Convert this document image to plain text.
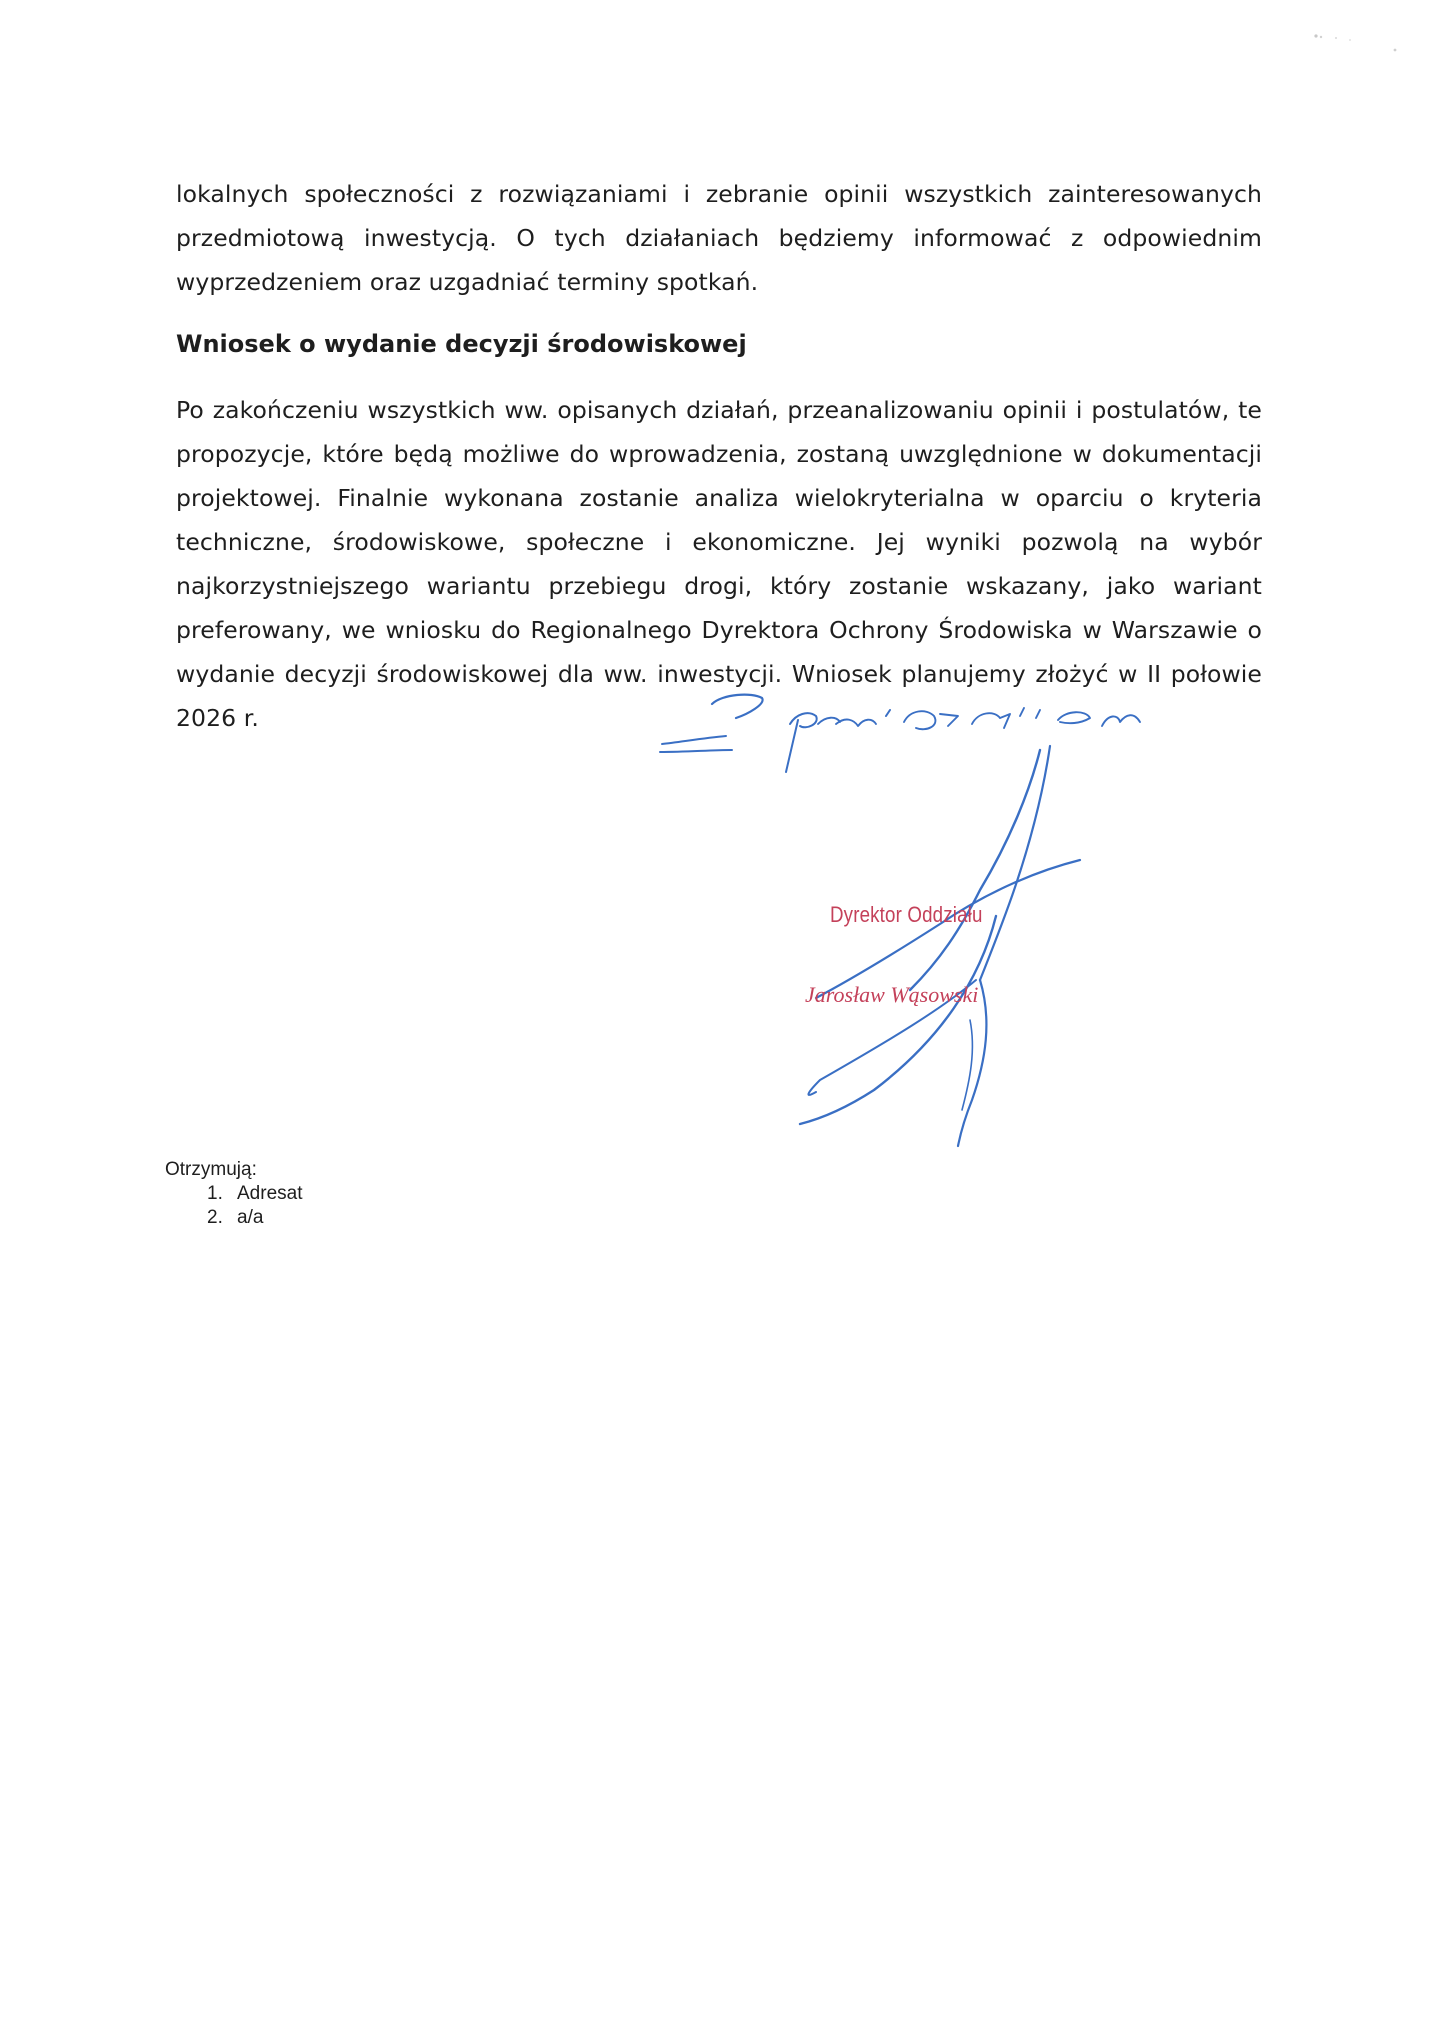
lokalnych społeczności z rozwiązaniami i zebranie opinii wszystkich zainteresowanych przedmiotową inwestycją. O tych działaniach będziemy informować z odpowiednim wyprzedzeniem oraz uzgadniać terminy spotkań.

Wniosek o wydanie decyzji środowiskowej

Po zakończeniu wszystkich ww. opisanych działań, przeanalizowaniu opinii i postulatów, te propozycje, które będą możliwe do wprowadzenia, zostaną uwzględnione w dokumentacji projektowej. Finalnie wykonana zostanie analiza wielokryterialna w oparciu o kryteria techniczne, środowiskowe, społeczne i ekonomiczne. Jej wyniki pozwolą na wybór najkorzystniejszego wariantu przebiegu drogi, który zostanie wskazany, jako wariant preferowany, we wniosku do Regionalnego Dyrektora Ochrony Środowiska w Warszawie o wydanie decyzji środowiskowej dla ww. inwestycji. Wniosek planujemy złożyć w II połowie 2026 r.

Dyrektor Oddziału
Jarosław Wąsowski
Otrzymują:
1. Adresat
2. a/a
